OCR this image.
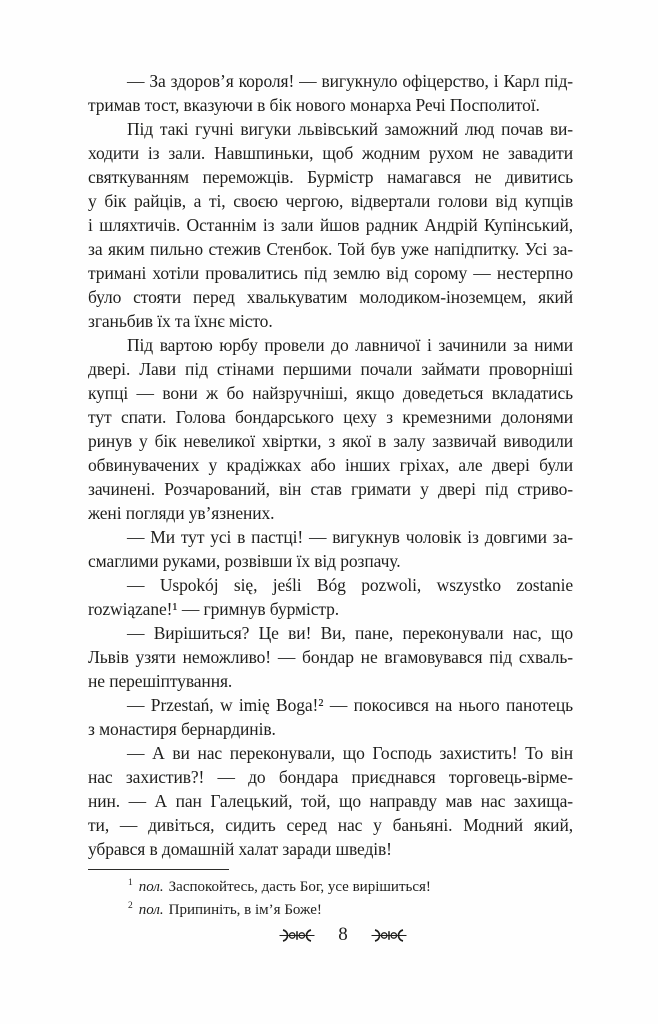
— За здоров’я короля! — вигукнуло офіцерство, і Карл під-
тримав тост, вказуючи в бік нового монарха Речі Посполитої.
Під такі гучні вигуки львівський заможний люд почав ви-
ходити із зали. Навшпиньки, щоб жодним рухом не завадити
святкуванням переможців. Бурмістр намагався не дивитись
у бік райців, а ті, своєю чергою, відвертали голови від купців
і шляхтичів. Останнім із зали йшов радник Андрій Купінський,
за яким пильно стежив Стенбок. Той був уже напідпитку. Усі за-
тримані хотіли провалитись під землю від сорому — нестерпно
було стояти перед хвалькуватим молодиком-іноземцем, який
зганьбив їх та їхнє місто.
Під вартою юрбу провели до лавничої і зачинили за ними
двері. Лави під стінами першими почали займати проворніші
купці — вони ж бо найзручніші, якщо доведеться вкладатись
тут спати. Голова бондарського цеху з кремезними долонями
ринув у бік невеликої хвіртки, з якої в залу зазвичай виводили
обвинувачених у крадіжках або інших гріхах, але двері були
зачинені. Розчарований, він став гримати у двері під стриво-
жені погляди ув’язнених.
— Ми тут усі в пастці! — вигукнув чоловік із довгими за-
смаглими руками, розвівши їх від розпачу.
— Uspokój się, jeśli Bóg pozwoli, wszystko zostanie
rozwiązane!¹ — гримнув бурмістр.
— Вирішиться? Це ви! Ви, пане, переконували нас, що
Львів узяти неможливо! — бондар не вгамовувався під схваль-
не перешіптування.
— Przestań, w imię Boga!² — покосився на нього панотець
з монастиря бернардинів.
— А ви нас переконували, що Господь захистить! То він
нас захистив?! — до бондара приєднався торговець-вірме-
нин. — А пан Галецький, той, що направду мав нас захища-
ти, — дивіться, сидить серед нас у баньяні. Модний який,
убрався в домашній халат заради шведів!
$^1$ пол. Заспокойтесь, дасть Бог, усе вирішиться!
$^2$ пол. Припиніть, в ім’я Боже!
8
